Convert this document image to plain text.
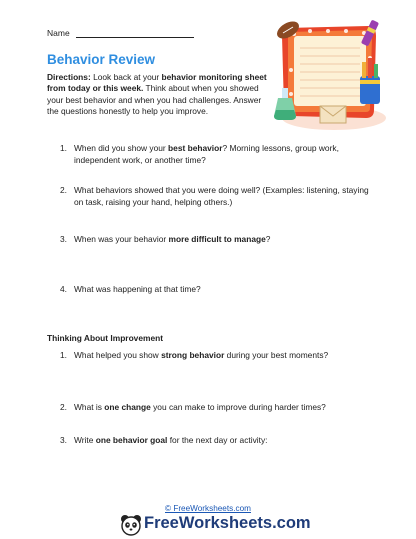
Name
Behavior Review
Directions: Look back at your behavior monitoring sheet from today or this week. Think about when you showed your best behavior and when you had challenges. Answer the questions honestly to help you improve.
1. When did you show your best behavior? Morning lessons, group work, independent work, or another time?
2. What behaviors showed that you were doing well? (Examples: listening, staying on task, raising your hand, helping others.)
3. When was your behavior more difficult to manage?
4. What was happening at that time?
Thinking About Improvement
1. What helped you show strong behavior during your best moments?
2. What is one change you can make to improve during harder times?
3. Write one behavior goal for the next day or activity:
© FreeWorksheets.com
FreeWorksheets.com
